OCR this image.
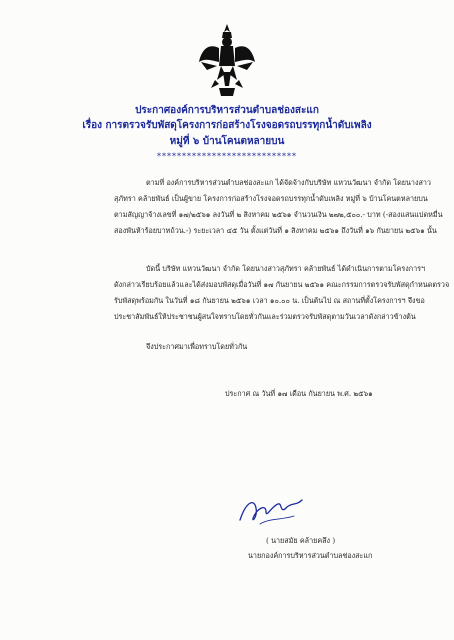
ประกาศองค์การบริหารส่วนตำบลช่องสะแก
เรื่อง การตรวจรับพัสดุโครงการก่อสร้างโรงจอดรถบรรทุกน้ำดับเพลิง
หมู่ที่ ๖ บ้านโคนตหลายบน
****************************
ตามที่ องค์การบริหารส่วนตำบลช่องสะแก ได้จัดจ้างกับบริษัท แหวนวัฒนา จำกัด โดยนางสาว
สุภัทรา คล้ายพันธ์ เป็นผู้ขาย โครงการก่อสร้างโรงจอดรถบรรทุกน้ำดับเพลิง หมู่ที่ ๖ บ้านโคนตหลายบน
ตามสัญญาจ้างเลขที่ ๑๗/๒๕๖๑ ลงวันที่ ๒ สิงหาคม ๒๕๖๑ จำนวนเงิน ๒๗๒,๕๐๐.- บาท (-สองแสนแปดหมื่น
สองพันห้าร้อยบาทถ้วน.-) ระยะเวลา ๔๕ วัน ตั้งแต่วันที่ ๑ สิงหาคม ๒๕๖๑ ถึงวันที่ ๑๖ กันยายน ๒๕๖๑ นั้น
บัดนี้ บริษัท แหวนวัฒนา จำกัด โดยนางสาวสุภัทรา คล้ายพันธ์ ได้ดำเนินการตามโครงการฯ
ดังกล่าวเรียบร้อยแล้วและได้ส่งมอบพัสดุเมื่อวันที่ ๑๗ กันยายน ๒๕๖๑ คณะกรรมการตรวจรับพัสดุกำหนดตรวจ
รับพัสดุพร้อมกัน ในวันที่ ๑๘ กันยายน ๒๕๖๑ เวลา ๑๐.๐๐ น. เป็นต้นไป ณ สถานที่ตั้งโครงการฯ จึงขอ
ประชาสัมพันธ์ให้ประชาชนผู้สนใจทราบโดยทั่วกันและร่วมตรวจรับพัสดุตามวันเวลาดังกล่าวข้างต้น
จึงประกาศมาเพื่อทราบโดยทั่วกัน
ประกาศ ณ วันที่ ๑๗ เดือน กันยายน พ.ศ. ๒๕๖๑
( นายสมัย คล้ายคลึง )
นายกองค์การบริหารส่วนตำบลช่องสะแก
